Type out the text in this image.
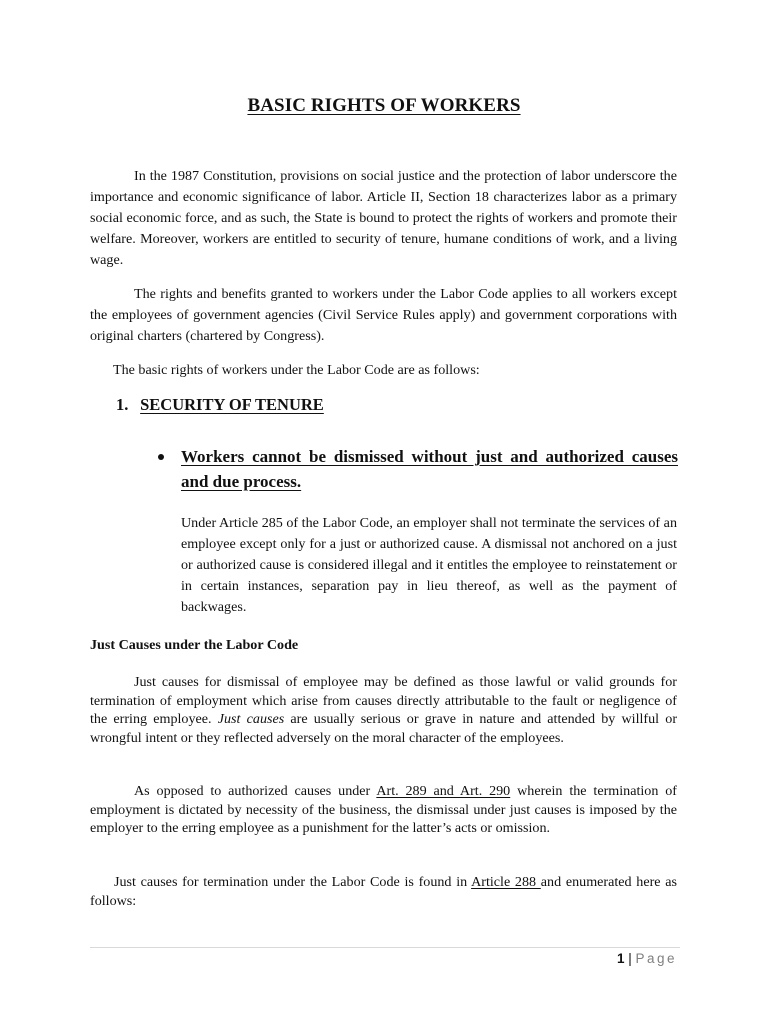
BASIC RIGHTS OF WORKERS

In the 1987 Constitution, provisions on social justice and the protection of labor underscore the importance and economic significance of labor. Article II, Section 18 characterizes labor as a primary social economic force, and as such, the State is bound to protect the rights of workers and promote their welfare. Moreover, workers are entitled to security of tenure, humane conditions of work, and a living wage.

The rights and benefits granted to workers under the Labor Code applies to all workers except the employees of government agencies (Civil Service Rules apply) and government corporations with original charters (chartered by Congress).

The basic rights of workers under the Labor Code are as follows:

1. SECURITY OF TENURE
Workers cannot be dismissed without just and authorized causes and due process.

Under Article 285 of the Labor Code, an employer shall not terminate the services of an employee except only for a just or authorized cause. A dismissal not anchored on a just or authorized cause is considered illegal and it entitles the employee to reinstatement or in certain instances, separation pay in lieu thereof, as well as the payment of backwages.

Just Causes under the Labor Code

Just causes for dismissal of employee may be defined as those lawful or valid grounds for termination of employment which arise from causes directly attributable to the fault or negligence of the erring employee. Just causes are usually serious or grave in nature and attended by willful or wrongful intent or they reflected adversely on the moral character of the employees.

As opposed to authorized causes under Art. 289 and Art. 290 wherein the termination of employment is dictated by necessity of the business, the dismissal under just causes is imposed by the employer to the erring employee as a punishment for the latter’s acts or omission.

Just causes for termination under the Labor Code is found in Article 288 and enumerated here as follows:

1 | Page
